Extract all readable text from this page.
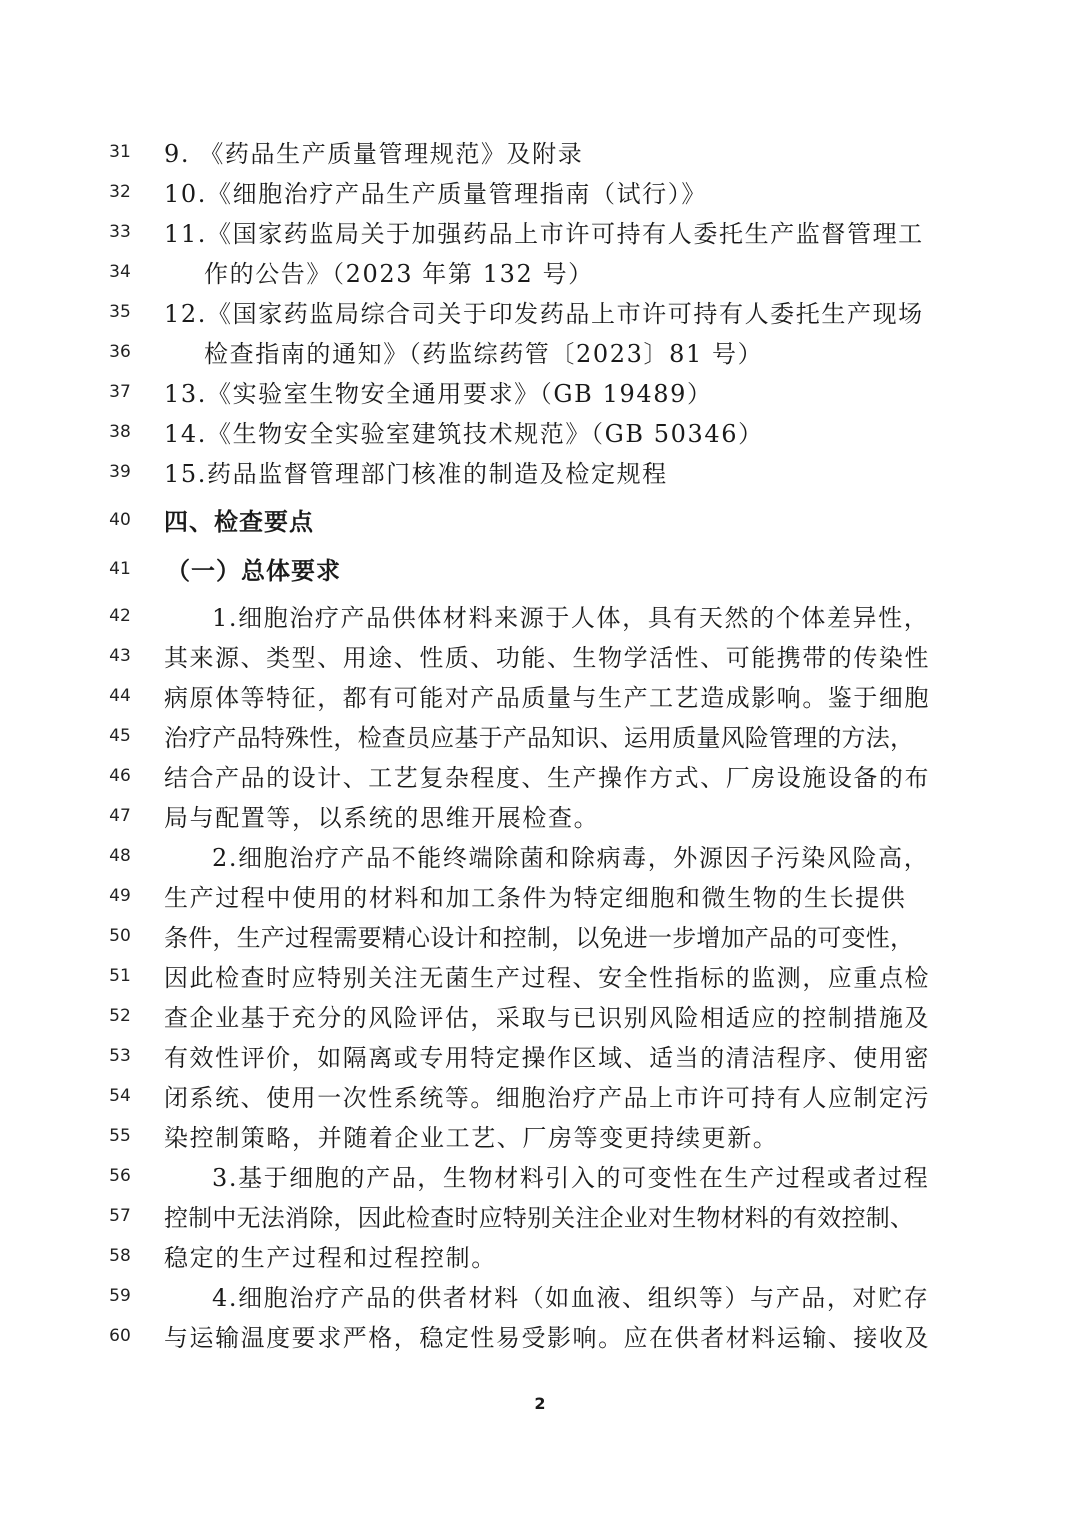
31	9. 《药品生产质量管理规范》及附录
32	10.《细胞治疗产品生产质量管理指南（试行）》
33	11.《国家药监局关于加强药品上市许可持有人委托生产监督管理工
34	作的公告》（2023 年第 132 号）
35	12.《国家药监局综合司关于印发药品上市许可持有人委托生产现场
36	检查指南的通知》（药监综药管〔2023〕81 号）
37	13.《实验室生物安全通用要求》（GB 19489）
38	14.《生物安全实验室建筑技术规范》（GB 50346）
39	15.药品监督管理部门核准的制造及检定规程
40	四、检查要点
41	（一）总体要求
42	1.细胞治疗产品供体材料来源于人体，具有天然的个体差异性，
43	其来源、类型、用途、性质、功能、生物学活性、可能携带的传染性
44	病原体等特征，都有可能对产品质量与生产工艺造成影响。鉴于细胞
45	治疗产品特殊性，检查员应基于产品知识、运用质量风险管理的方法，
46	结合产品的设计、工艺复杂程度、生产操作方式、厂房设施设备的布
47	局与配置等，以系统的思维开展检查。
48	2.细胞治疗产品不能终端除菌和除病毒，外源因子污染风险高，
49	生产过程中使用的材料和加工条件为特定细胞和微生物的生长提供
50	条件，生产过程需要精心设计和控制，以免进一步增加产品的可变性，
51	因此检查时应特别关注无菌生产过程、安全性指标的监测，应重点检
52	查企业基于充分的风险评估，采取与已识别风险相适应的控制措施及
53	有效性评价，如隔离或专用特定操作区域、适当的清洁程序、使用密
54	闭系统、使用一次性系统等。细胞治疗产品上市许可持有人应制定污
55	染控制策略，并随着企业工艺、厂房等变更持续更新。
56	3.基于细胞的产品，生物材料引入的可变性在生产过程或者过程
57	控制中无法消除，因此检查时应特别关注企业对生物材料的有效控制、
58	稳定的生产过程和过程控制。
59	4.细胞治疗产品的供者材料（如血液、组织等）与产品，对贮存
60	与运输温度要求严格，稳定性易受影响。应在供者材料运输、接收及
2
